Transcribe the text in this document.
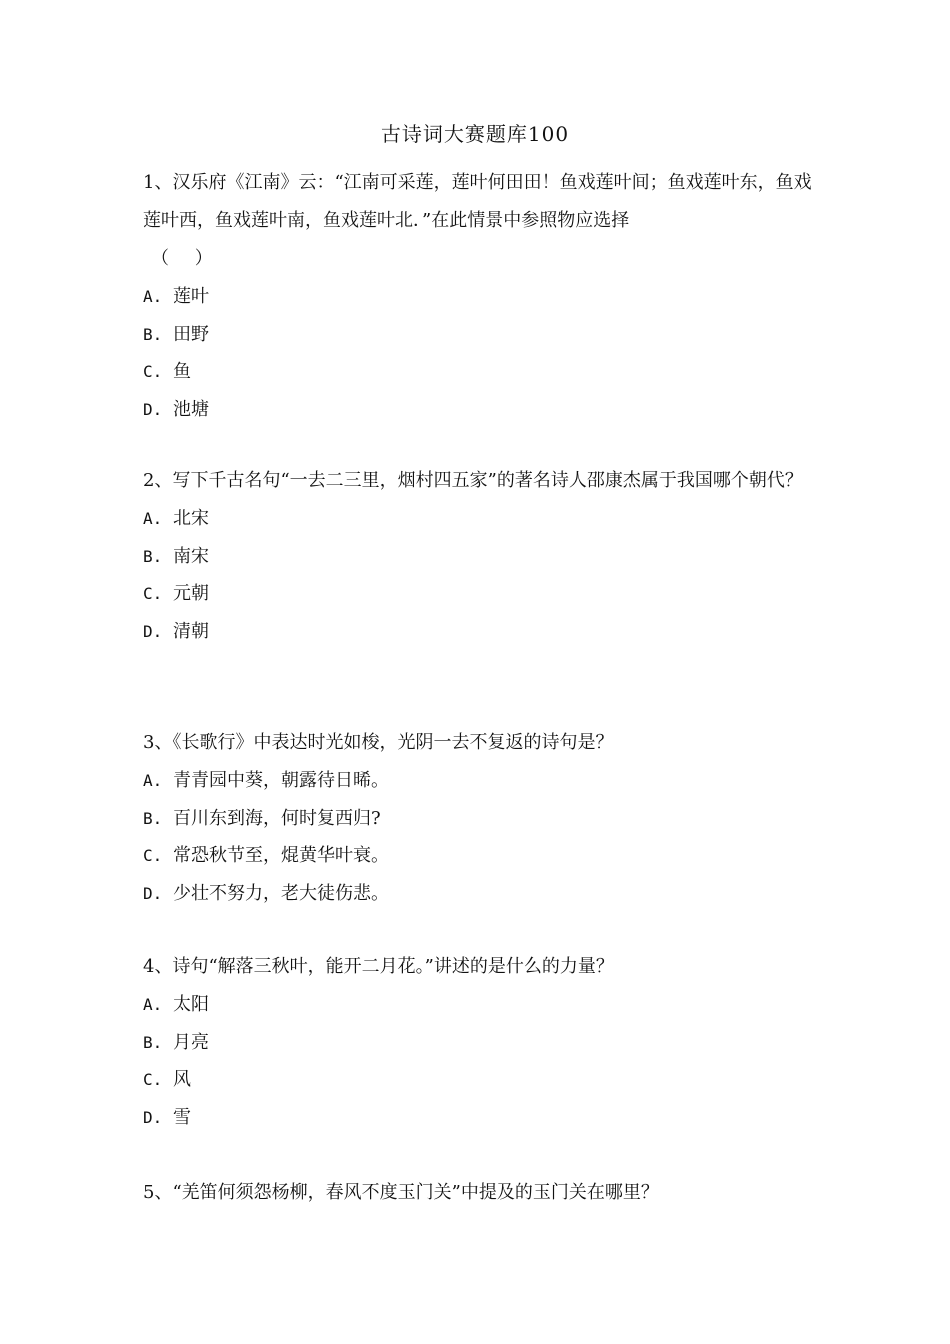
古诗词大赛题库100

1、汉乐府《江南》云：“江南可采莲，莲叶何田田！鱼戏莲叶间；鱼戏莲叶东，鱼戏莲叶西，鱼戏莲叶南，鱼戏莲叶北．”在此情景中参照物应选择

（ ）

A. 莲叶

B. 田野

C. 鱼

D. 池塘

2、写下千古名句“一去二三里，烟村四五家”的著名诗人邵康杰属于我国哪个朝代？

A. 北宋

B. 南宋

C. 元朝

D. 清朝

3、《长歌行》中表达时光如梭，光阴一去不复返的诗句是？

A. 青青园中葵，朝露待日晞。

B. 百川东到海，何时复西归?

C. 常恐秋节至，焜黄华叶衰。

D. 少壮不努力，老大徒伤悲。

4、诗句“解落三秋叶，能开二月花。”讲述的是什么的力量？

A. 太阳

B. 月亮

C. 风

D. 雪

5、“羌笛何须怨杨柳，春风不度玉门关”中提及的玉门关在哪里？
